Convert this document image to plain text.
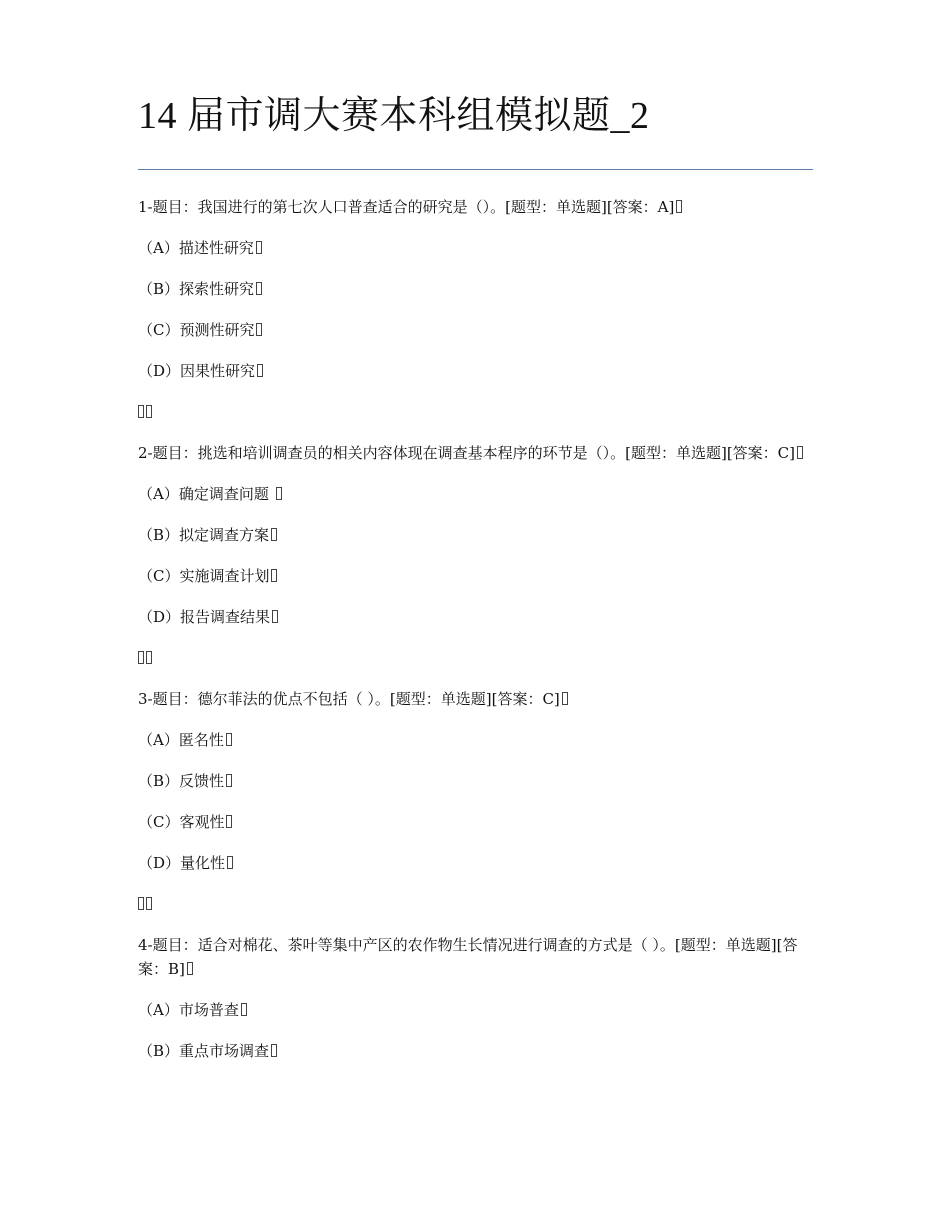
14 届市调大赛本科组模拟题_2
1-题目：我国进行的第七次人口普查适合的研究是（）。[题型：单选题][答案：A]
（A）描述性研究
（B）探索性研究
（C）预测性研究
（D）因果性研究
2-题目：挑选和培训调查员的相关内容体现在调查基本程序的环节是（）。[题型：单选题][答案：C]
（A）确定调查问题
（B）拟定调查方案
（C）实施调查计划
（D）报告调查结果
3-题目：德尔菲法的优点不包括（ ）。[题型：单选题][答案：C]
（A）匿名性
（B）反馈性
（C）客观性
（D）量化性
4-题目：适合对棉花、茶叶等集中产区的农作物生长情况进行调查的方式是（ ）。[题型：单选题][答案：B]
（A）市场普查
（B）重点市场调查
